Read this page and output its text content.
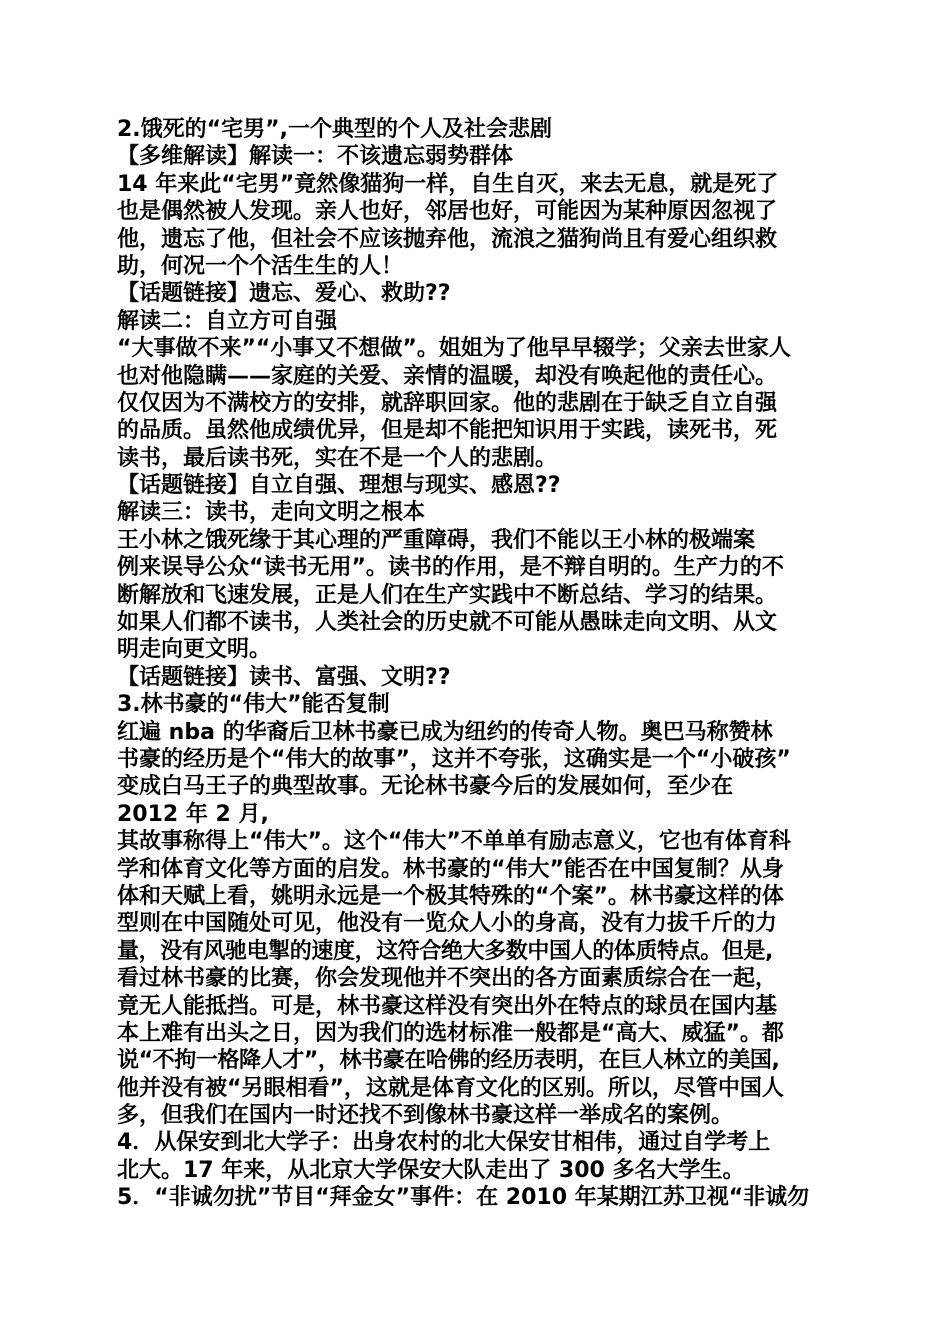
2.饿死的“宅男”,一个典型的个人及社会悲剧
【多维解读】解读一：不该遗忘弱势群体
14 年来此“宅男”竟然像猫狗一样，自生自灭，来去无息，就是死了
也是偶然被人发现。亲人也好，邻居也好，可能因为某种原因忽视了
他，遗忘了他，但社会不应该抛弃他，流浪之猫狗尚且有爱心组织救
助，何况一个个活生生的人！
【话题链接】遗忘、爱心、救助??
解读二：自立方可自强
“大事做不来”“小事又不想做”。姐姐为了他早早辍学；父亲去世家人
也对他隐瞒——家庭的关爱、亲情的温暖，却没有唤起他的责任心。
仅仅因为不满校方的安排，就辞职回家。他的悲剧在于缺乏自立自强
的品质。虽然他成绩优异，但是却不能把知识用于实践，读死书，死
读书，最后读书死，实在不是一个人的悲剧。
【话题链接】自立自强、理想与现实、感恩??
解读三：读书，走向文明之根本
王小林之饿死缘于其心理的严重障碍，我们不能以王小林的极端案
例来误导公众“读书无用”。读书的作用，是不辩自明的。生产力的不
断解放和飞速发展，正是人们在生产实践中不断总结、学习的结果。
如果人们都不读书，人类社会的历史就不可能从愚昧走向文明、从文
明走向更文明。
【话题链接】读书、富强、文明??
3.林书豪的“伟大”能否复制
红遍 nba 的华裔后卫林书豪已成为纽约的传奇人物。奥巴马称赞林
书豪的经历是个“伟大的故事”，这并不夸张，这确实是一个“小破孩”
变成白马王子的典型故事。无论林书豪今后的发展如何，至少在
2012 年 2 月,
其故事称得上“伟大”。这个“伟大”不单单有励志意义，它也有体育科
学和体育文化等方面的启发。林书豪的“伟大”能否在中国复制？从身
体和天赋上看，姚明永远是一个极其特殊的“个案”。林书豪这样的体
型则在中国随处可见，他没有一览众人小的身高，没有力拔千斤的力
量，没有风驰电掣的速度，这符合绝大多数中国人的体质特点。但是,
看过林书豪的比赛，你会发现他并不突出的各方面素质综合在一起，
竟无人能抵挡。可是，林书豪这样没有突出外在特点的球员在国内基
本上难有出头之日，因为我们的选材标准一般都是“高大、威猛”。都
说“不拘一格降人才”，林书豪在哈佛的经历表明，在巨人林立的美国,
他并没有被“另眼相看”，这就是体育文化的区别。所以，尽管中国人
多，但我们在国内一时还找不到像林书豪这样一举成名的案例。
4．从保安到北大学子：出身农村的北大保安甘相伟，通过自学考上
北大。17 年来，从北京大学保安大队走出了 300 多名大学生。
5．“非诚勿扰”节目“拜金女”事件：在 2010 年某期江苏卫视“非诚勿
